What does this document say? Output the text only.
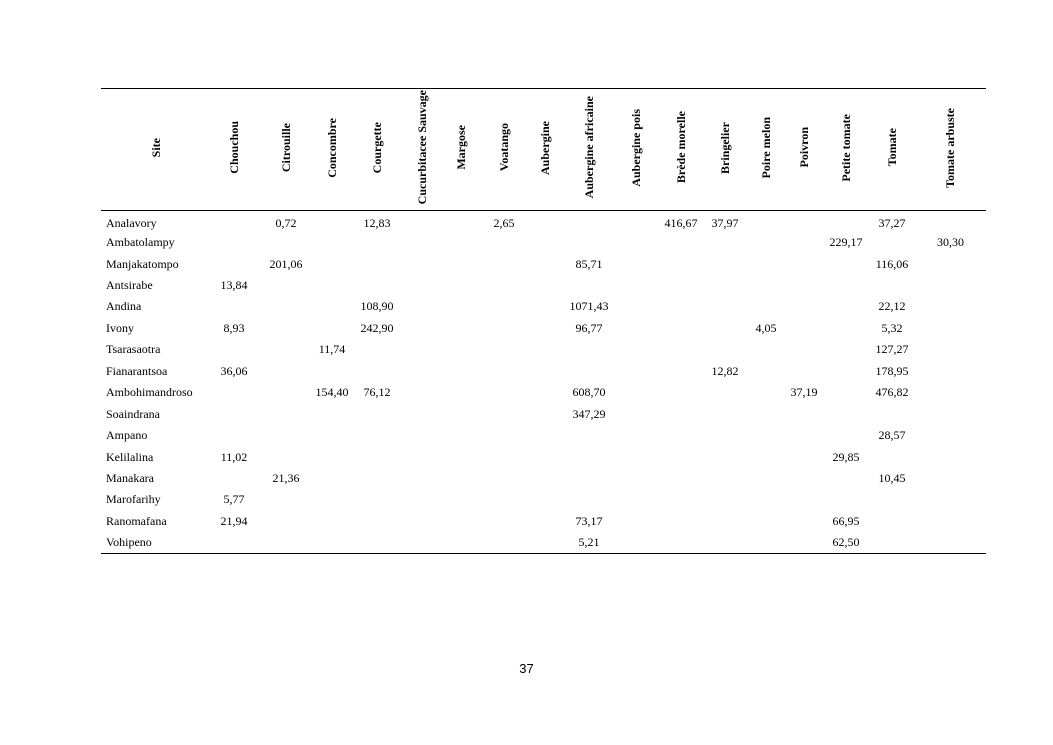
Site	Chouchou	Citrouille	Concombre	Courgette	Cucurbitacee Sauvage	Margose	Voatango	Aubergine	Aubergine africaine	Aubergine pois	Brède morelle	Bringelier	Poire melon	Poivron	Petite tomate	Tomate	Tomate arbuste
Analavory		0,72		12,83			2,65				416,67	37,97				37,27	
Ambatolampy															229,17		30,30
Manjakatompo		201,06							85,71							116,06	
Antsirabe	13,84																
Andina				108,90					1071,43							22,12	
Ivony	8,93			242,90					96,77				4,05			5,32	
Tsarasaotra			11,74													127,27	
Fianarantsoa	36,06											12,82				178,95	
Ambohimandroso			154,40	76,12					608,70					37,19		476,82	
Soaindrana									347,29								
Ampano																28,57	
Kelilalina	11,02														29,85		
Manakara		21,36														10,45	
Marofarihy	5,77																
Ranomafana	21,94								73,17						66,95		
Vohipeno									5,21						62,50		
37
